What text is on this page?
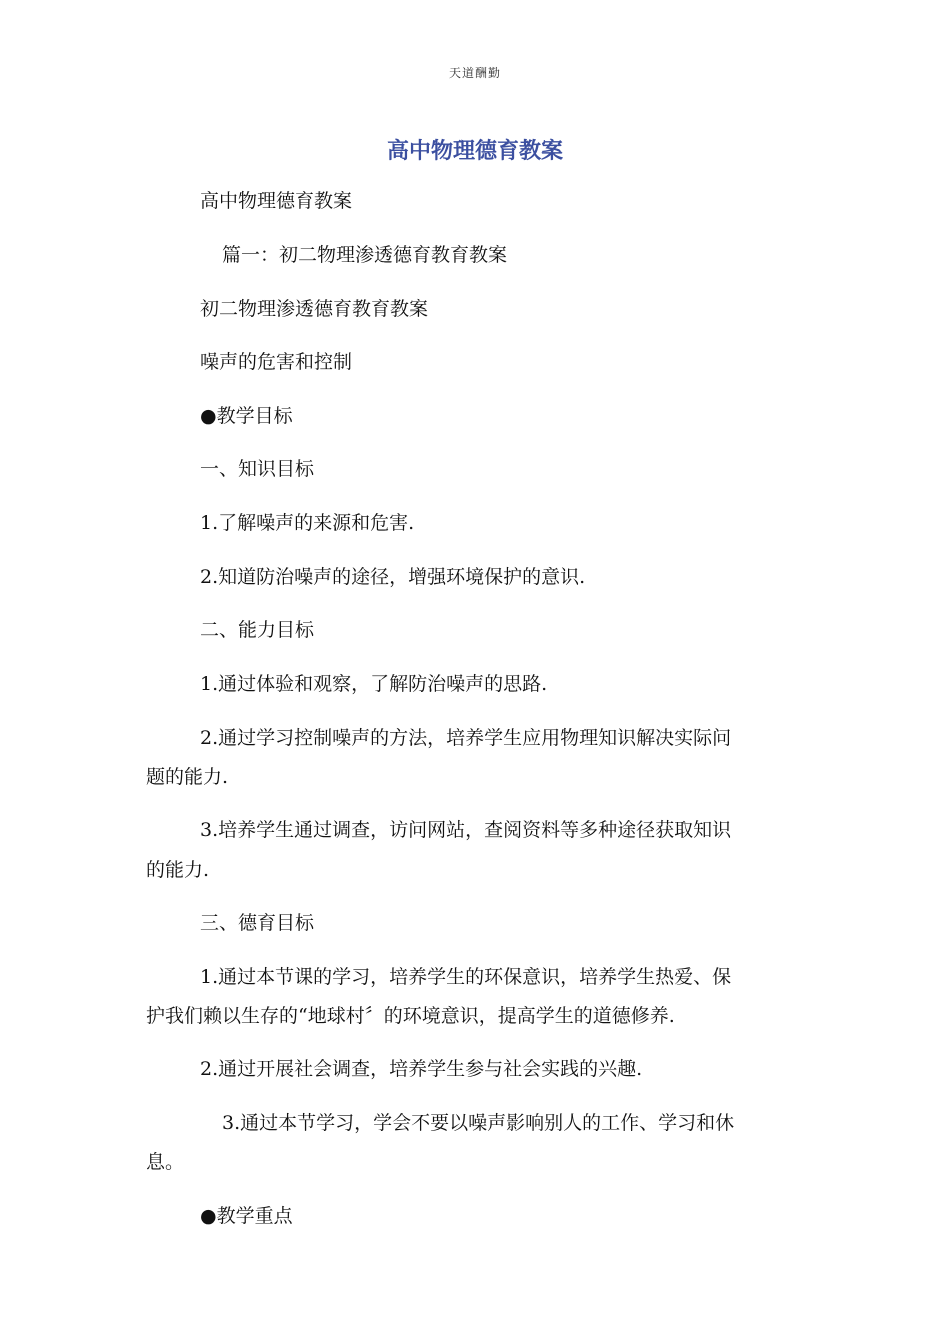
天道酬勤
高中物理德育教案
高中物理德育教案
篇一：初二物理渗透德育教育教案
初二物理渗透德育教育教案
噪声的危害和控制
●教学目标
一、知识目标
1.了解噪声的来源和危害.
2.知道防治噪声的途径，增强环境保护的意识.
二、能力目标
1.通过体验和观察，了解防治噪声的思路.
2.通过学习控制噪声的方法，培养学生应用物理知识解决实际问
题的能力.
3.培养学生通过调查，访问网站，查阅资料等多种途径获取知识
的能力.
三、德育目标
1.通过本节课的学习，培养学生的环保意识，培养学生热爱、保
护我们赖以生存的“地球村〞的环境意识，提高学生的道德修养.
2.通过开展社会调查，培养学生参与社会实践的兴趣.
3.通过本节学习，学会不要以噪声影响别人的工作、学习和休
息。
●教学重点
